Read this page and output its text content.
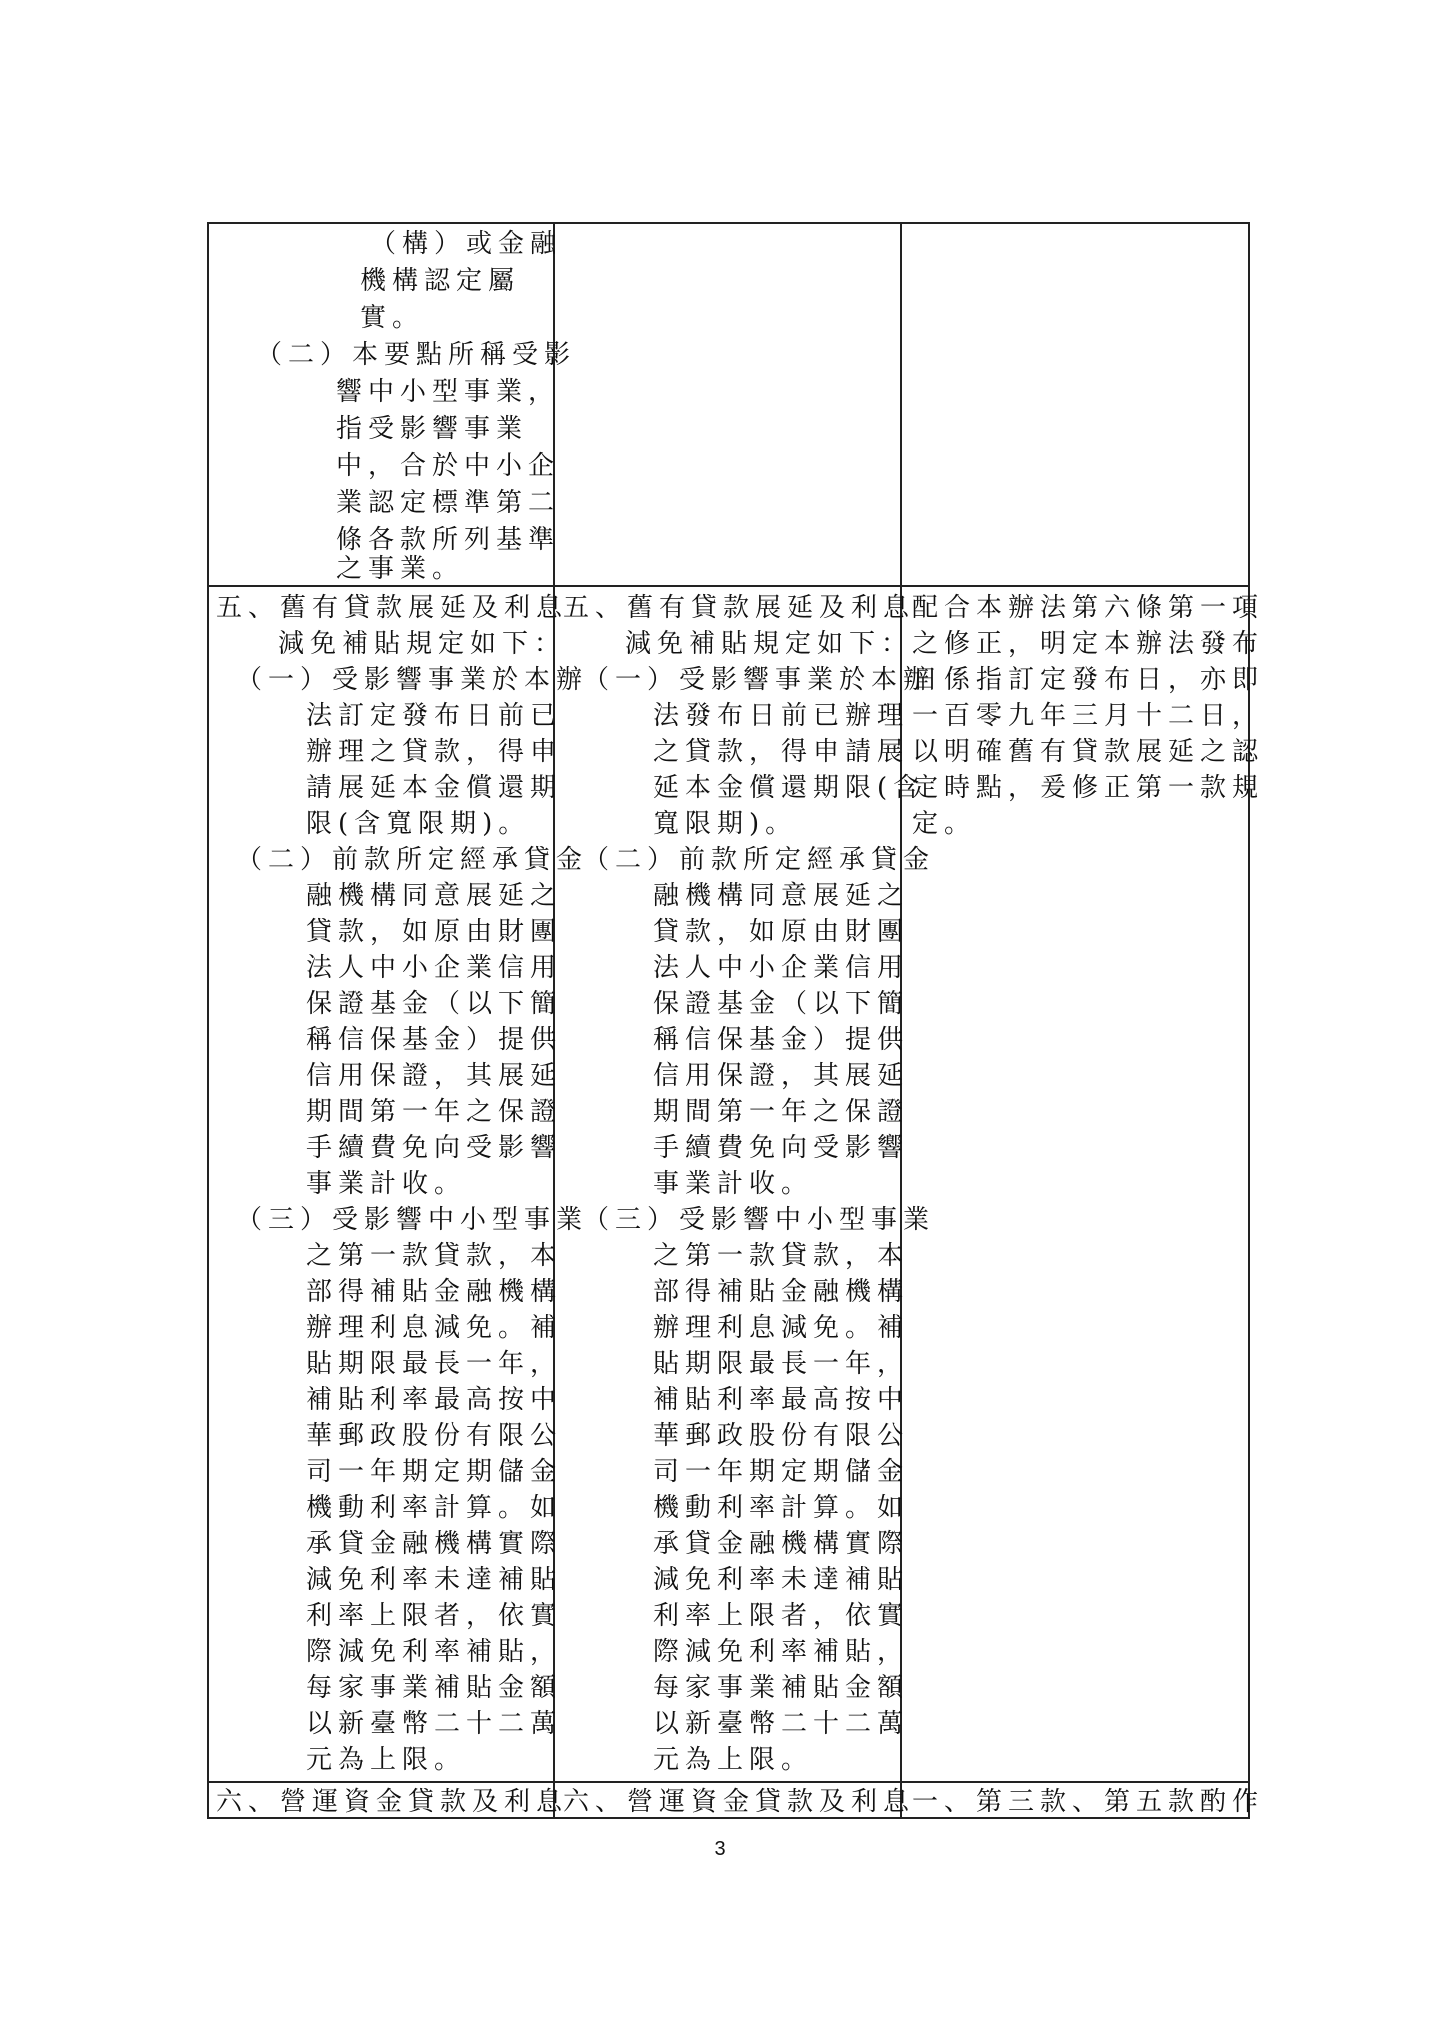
（構）或金融
機構認定屬
實。
（二）本要點所稱受影
響中小型事業，
指受影響事業
中，合於中小企
業認定標準第二
條各款所列基準
之事業。
五、舊有貸款展延及利息
減免補貼規定如下：
（一）受影響事業於本辦
法訂定發布日前已
辦理之貸款，得申
請展延本金償還期
限(含寬限期)。
（二）前款所定經承貸金
融機構同意展延之
貸款，如原由財團
法人中小企業信用
保證基金（以下簡
稱信保基金）提供
信用保證，其展延
期間第一年之保證
手續費免向受影響
事業計收。
（三）受影響中小型事業
之第一款貸款，本
部得補貼金融機構
辦理利息減免。補
貼期限最長一年，
補貼利率最高按中
華郵政股份有限公
司一年期定期儲金
機動利率計算。如
承貸金融機構實際
減免利率未達補貼
利率上限者，依實
際減免利率補貼，
每家事業補貼金額
以新臺幣二十二萬
元為上限。
五、舊有貸款展延及利息
減免補貼規定如下：
（一）受影響事業於本辦
法發布日前已辦理
之貸款，得申請展
延本金償還期限(含
寬限期)。
（二）前款所定經承貸金
融機構同意展延之
貸款，如原由財團
法人中小企業信用
保證基金（以下簡
稱信保基金）提供
信用保證，其展延
期間第一年之保證
手續費免向受影響
事業計收。
（三）受影響中小型事業
之第一款貸款，本
部得補貼金融機構
辦理利息減免。補
貼期限最長一年，
補貼利率最高按中
華郵政股份有限公
司一年期定期儲金
機動利率計算。如
承貸金融機構實際
減免利率未達補貼
利率上限者，依實
際減免利率補貼，
每家事業補貼金額
以新臺幣二十二萬
元為上限。
配合本辦法第六條第一項
之修正，明定本辦法發布
日係指訂定發布日，亦即
一百零九年三月十二日，
以明確舊有貸款展延之認
定時點，爰修正第一款規
定。
六、營運資金貸款及利息
六、營運資金貸款及利息
一、第三款、第五款酌作
3
